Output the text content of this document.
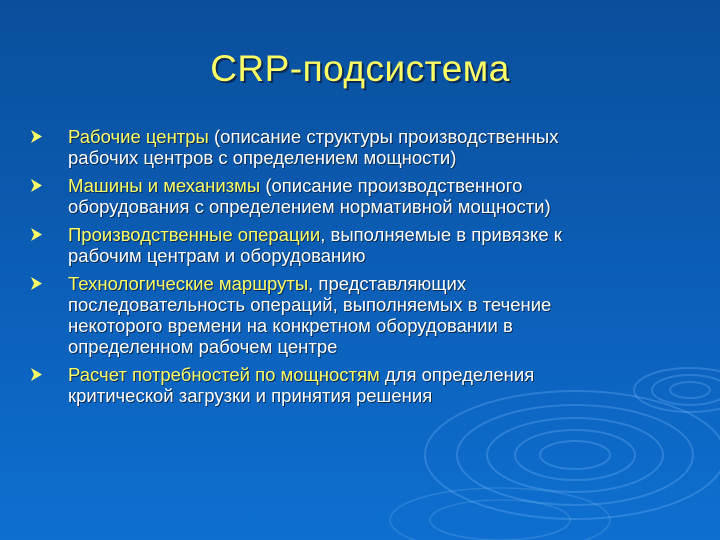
CRP-подсистема
Рабочие центры (описание структуры производственных рабочих центров с определением мощности)
Машины и механизмы (описание производственного оборудования с определением нормативной мощности)
Производственные операции, выполняемые в привязке к рабочим центрам и оборудованию
Технологические маршруты, представляющих последовательность операций, выполняемых в течение некоторого времени на конкретном оборудовании в определенном рабочем центре
Расчет потребностей по мощностям для определения критической загрузки и принятия решения
